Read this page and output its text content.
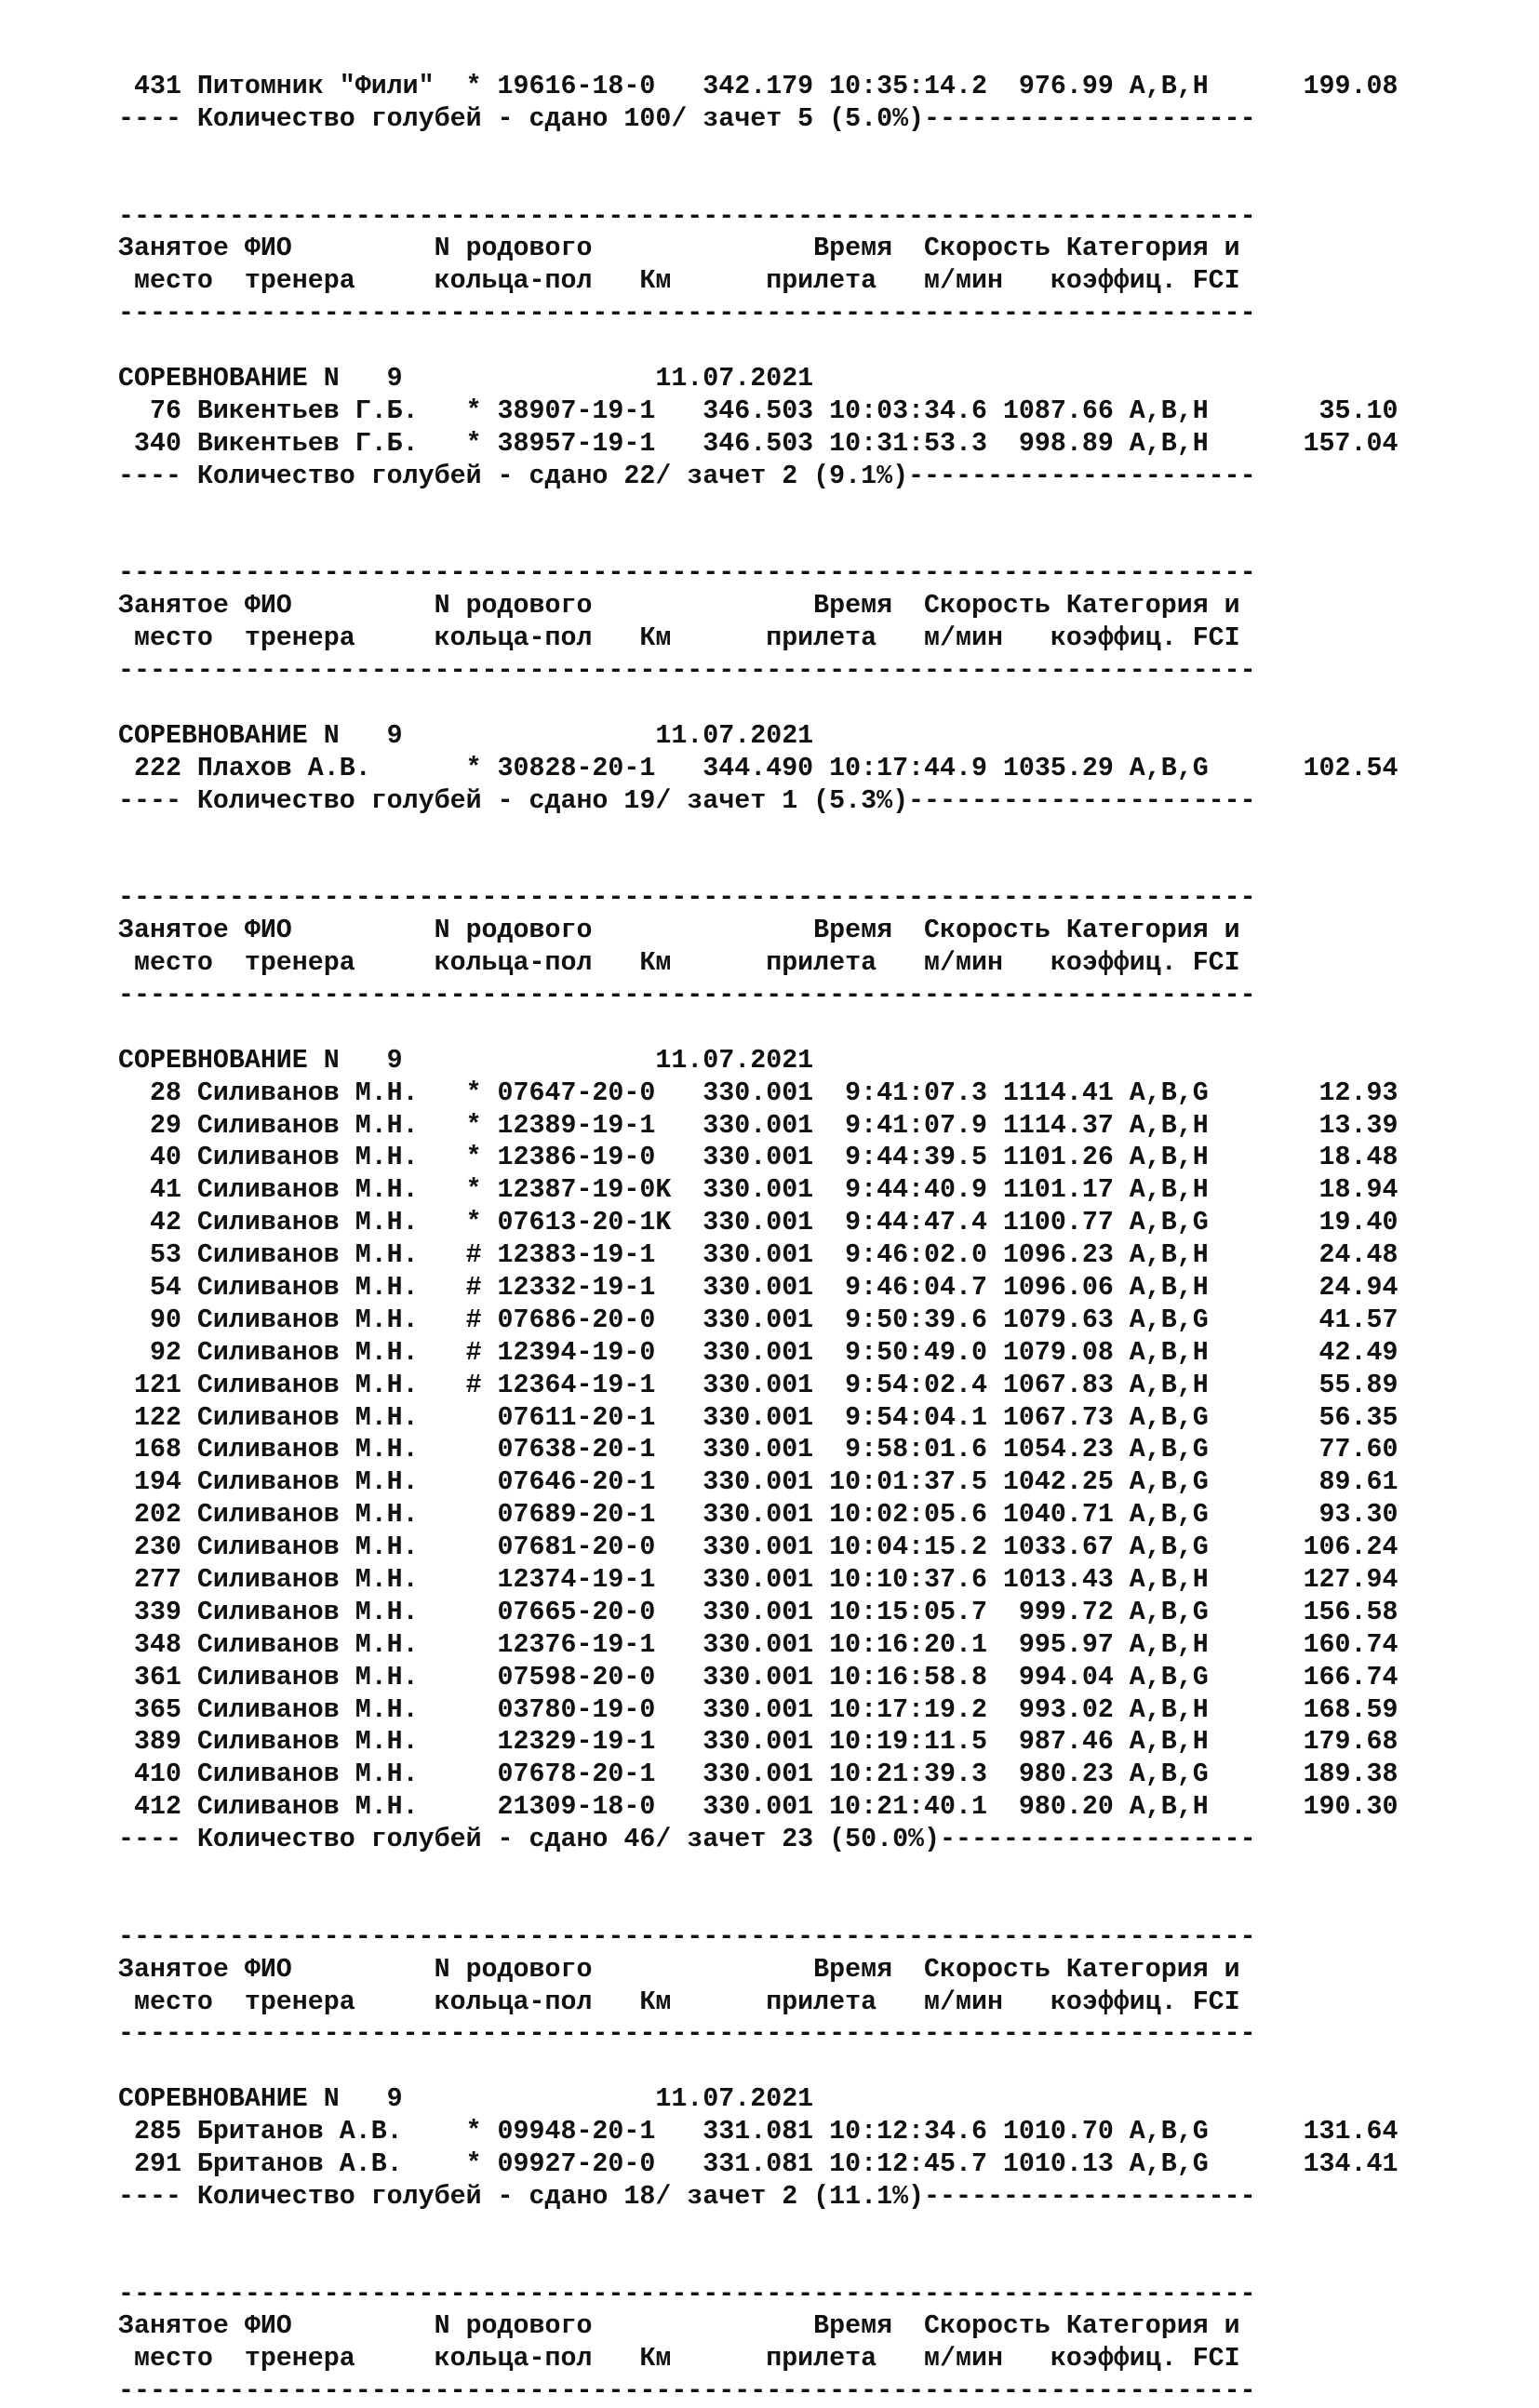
431 Питомник "Фили"  * 19616-18-0   342.179 10:35:14.2  976.99 A,B,H      199.08
---- Количество голубей - сдано 100/ зачет 5 (5.0%)---------------------
------------------------------------------------------------------------
Занятое ФИО         N родового              Время  Скорость Категория и
место  тренера     кольца-пол   Км      прилета   м/мин   коэффиц. FCI
------------------------------------------------------------------------
СОРЕВНОВАНИЕ N   9                11.07.2021
76 Викентьев Г.Б.   * 38907-19-1   346.503 10:03:34.6 1087.66 A,B,H       35.10
340 Викентьев Г.Б.   * 38957-19-1   346.503 10:31:53.3  998.89 A,B,H      157.04
---- Количество голубей - сдано 22/ зачет 2 (9.1%)----------------------
------------------------------------------------------------------------
Занятое ФИО         N родового              Время  Скорость Категория и
место  тренера     кольца-пол   Км      прилета   м/мин   коэффиц. FCI
------------------------------------------------------------------------
СОРЕВНОВАНИЕ N   9                11.07.2021
222 Плахов А.В.      * 30828-20-1   344.490 10:17:44.9 1035.29 A,B,G      102.54
---- Количество голубей - сдано 19/ зачет 1 (5.3%)----------------------
------------------------------------------------------------------------
Занятое ФИО         N родового              Время  Скорость Категория и
место  тренера     кольца-пол   Км      прилета   м/мин   коэффиц. FCI
------------------------------------------------------------------------
СОРЕВНОВАНИЕ N   9                11.07.2021
28 Силиванов М.Н.   * 07647-20-0   330.001  9:41:07.3 1114.41 A,B,G       12.93
29 Силиванов М.Н.   * 12389-19-1   330.001  9:41:07.9 1114.37 A,B,H       13.39
40 Силиванов М.Н.   * 12386-19-0   330.001  9:44:39.5 1101.26 A,B,H       18.48
41 Силиванов М.Н.   * 12387-19-0K  330.001  9:44:40.9 1101.17 A,B,H       18.94
42 Силиванов М.Н.   * 07613-20-1K  330.001  9:44:47.4 1100.77 A,B,G       19.40
53 Силиванов М.Н.   # 12383-19-1   330.001  9:46:02.0 1096.23 A,B,H       24.48
54 Силиванов М.Н.   # 12332-19-1   330.001  9:46:04.7 1096.06 A,B,H       24.94
90 Силиванов М.Н.   # 07686-20-0   330.001  9:50:39.6 1079.63 A,B,G       41.57
92 Силиванов М.Н.   # 12394-19-0   330.001  9:50:49.0 1079.08 A,B,H       42.49
121 Силиванов М.Н.   # 12364-19-1   330.001  9:54:02.4 1067.83 A,B,H       55.89
122 Силиванов М.Н.     07611-20-1   330.001  9:54:04.1 1067.73 A,B,G       56.35
168 Силиванов М.Н.     07638-20-1   330.001  9:58:01.6 1054.23 A,B,G       77.60
194 Силиванов М.Н.     07646-20-1   330.001 10:01:37.5 1042.25 A,B,G       89.61
202 Силиванов М.Н.     07689-20-1   330.001 10:02:05.6 1040.71 A,B,G       93.30
230 Силиванов М.Н.     07681-20-0   330.001 10:04:15.2 1033.67 A,B,G      106.24
277 Силиванов М.Н.     12374-19-1   330.001 10:10:37.6 1013.43 A,B,H      127.94
339 Силиванов М.Н.     07665-20-0   330.001 10:15:05.7  999.72 A,B,G      156.58
348 Силиванов М.Н.     12376-19-1   330.001 10:16:20.1  995.97 A,B,H      160.74
361 Силиванов М.Н.     07598-20-0   330.001 10:16:58.8  994.04 A,B,G      166.74
365 Силиванов М.Н.     03780-19-0   330.001 10:17:19.2  993.02 A,B,H      168.59
389 Силиванов М.Н.     12329-19-1   330.001 10:19:11.5  987.46 A,B,H      179.68
410 Силиванов М.Н.     07678-20-1   330.001 10:21:39.3  980.23 A,B,G      189.38
412 Силиванов М.Н.     21309-18-0   330.001 10:21:40.1  980.20 A,B,H      190.30
---- Количество голубей - сдано 46/ зачет 23 (50.0%)--------------------
------------------------------------------------------------------------
Занятое ФИО         N родового              Время  Скорость Категория и
место  тренера     кольца-пол   Км      прилета   м/мин   коэффиц. FCI
------------------------------------------------------------------------
СОРЕВНОВАНИЕ N   9                11.07.2021
285 Британов А.В.    * 09948-20-1   331.081 10:12:34.6 1010.70 A,B,G      131.64
291 Британов А.В.    * 09927-20-0   331.081 10:12:45.7 1010.13 A,B,G      134.41
---- Количество голубей - сдано 18/ зачет 2 (11.1%)---------------------
------------------------------------------------------------------------
Занятое ФИО         N родового              Время  Скорость Категория и
место  тренера     кольца-пол   Км      прилета   м/мин   коэффиц. FCI
------------------------------------------------------------------------
